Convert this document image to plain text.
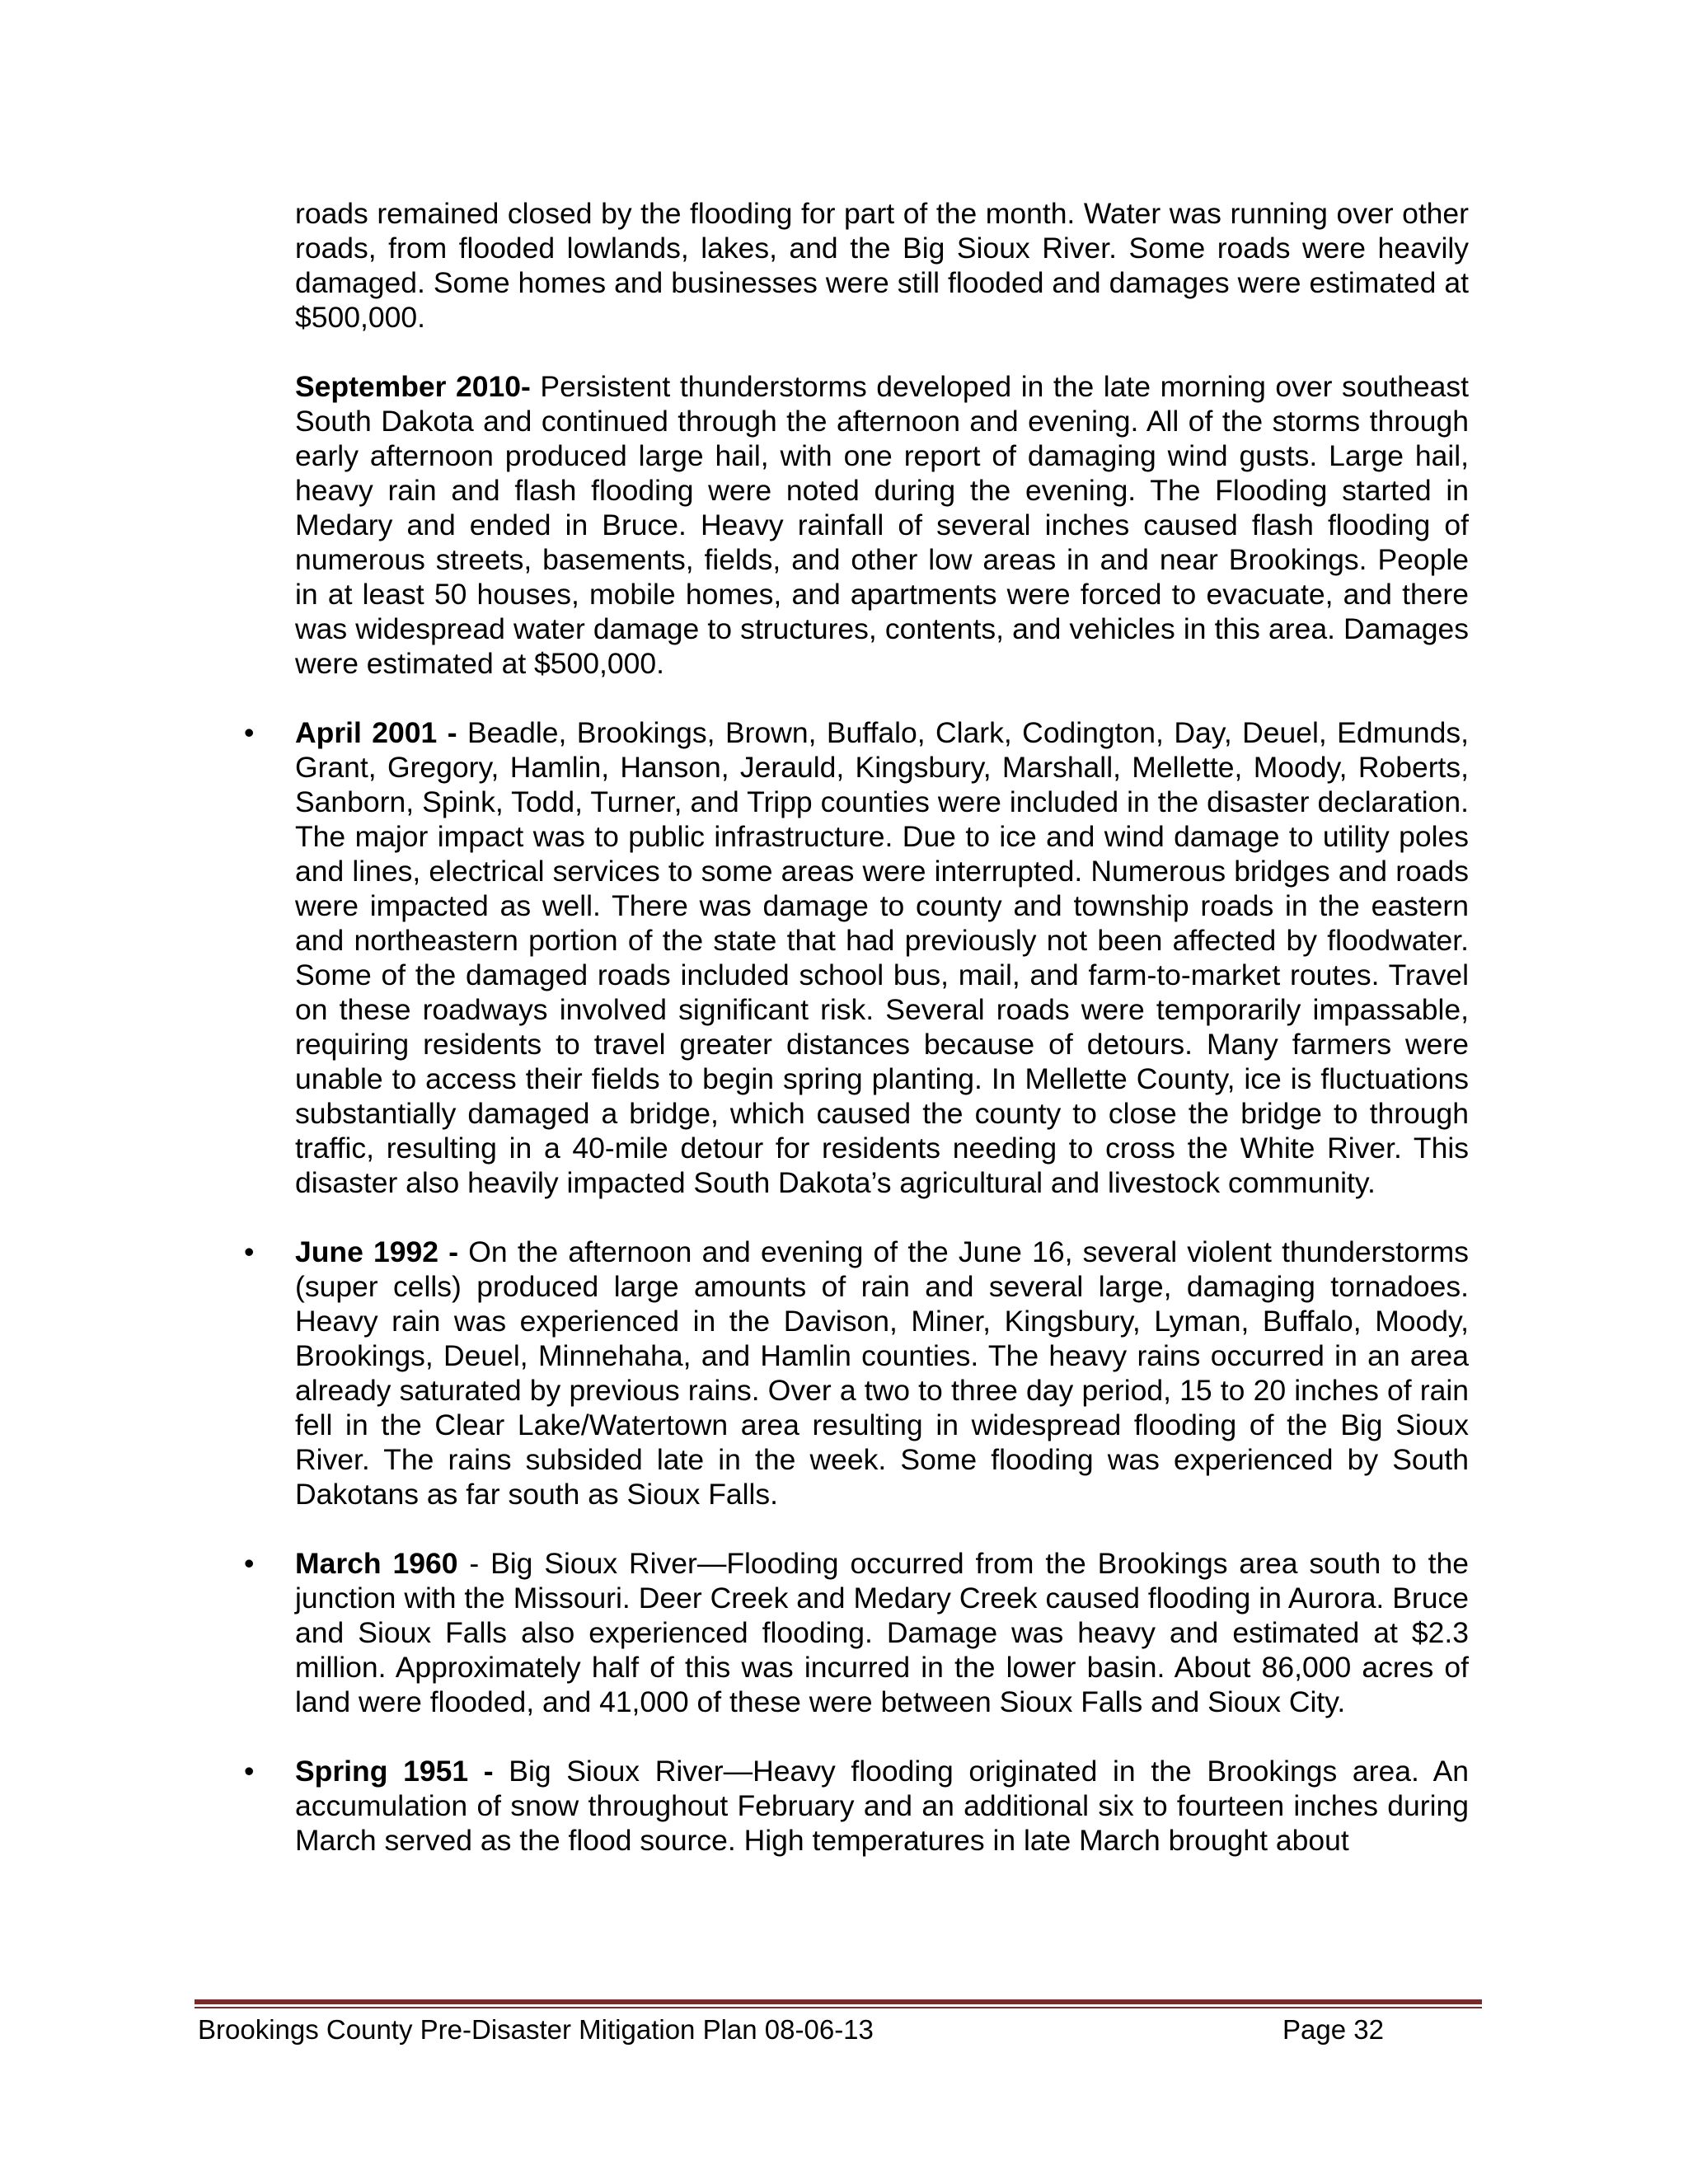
roads remained closed by the flooding for part of the month. Water was running over other roads, from flooded lowlands, lakes, and the Big Sioux River. Some roads were heavily damaged. Some homes and businesses were still flooded and damages were estimated at $500,000.

September 2010- Persistent thunderstorms developed in the late morning over southeast South Dakota and continued through the afternoon and evening. All of the storms through early afternoon produced large hail, with one report of damaging wind gusts. Large hail, heavy rain and flash flooding were noted during the evening. The Flooding started in Medary and ended in Bruce. Heavy rainfall of several inches caused flash flooding of numerous streets, basements, fields, and other low areas in and near Brookings. People in at least 50 houses, mobile homes, and apartments were forced to evacuate, and there was widespread water damage to structures, contents, and vehicles in this area. Damages were estimated at $500,000.

• April 2001 - Beadle, Brookings, Brown, Buffalo, Clark, Codington, Day, Deuel, Edmunds, Grant, Gregory, Hamlin, Hanson, Jerauld, Kingsbury, Marshall, Mellette, Moody, Roberts, Sanborn, Spink, Todd, Turner, and Tripp counties were included in the disaster declaration. The major impact was to public infrastructure. Due to ice and wind damage to utility poles and lines, electrical services to some areas were interrupted. Numerous bridges and roads were impacted as well. There was damage to county and township roads in the eastern and northeastern portion of the state that had previously not been affected by floodwater. Some of the damaged roads included school bus, mail, and farm-to-market routes. Travel on these roadways involved significant risk. Several roads were temporarily impassable, requiring residents to travel greater distances because of detours. Many farmers were unable to access their fields to begin spring planting. In Mellette County, ice is fluctuations substantially damaged a bridge, which caused the county to close the bridge to through traffic, resulting in a 40-mile detour for residents needing to cross the White River. This disaster also heavily impacted South Dakota’s agricultural and livestock community.

• June 1992 - On the afternoon and evening of the June 16, several violent thunderstorms (super cells) produced large amounts of rain and several large, damaging tornadoes. Heavy rain was experienced in the Davison, Miner, Kingsbury, Lyman, Buffalo, Moody, Brookings, Deuel, Minnehaha, and Hamlin counties. The heavy rains occurred in an area already saturated by previous rains. Over a two to three day period, 15 to 20 inches of rain fell in the Clear Lake/Watertown area resulting in widespread flooding of the Big Sioux River. The rains subsided late in the week. Some flooding was experienced by South Dakotans as far south as Sioux Falls.

• March 1960 - Big Sioux River—Flooding occurred from the Brookings area south to the junction with the Missouri. Deer Creek and Medary Creek caused flooding in Aurora. Bruce and Sioux Falls also experienced flooding. Damage was heavy and estimated at $2.3 million. Approximately half of this was incurred in the lower basin. About 86,000 acres of land were flooded, and 41,000 of these were between Sioux Falls and Sioux City.

• Spring 1951 - Big Sioux River—Heavy flooding originated in the Brookings area. An accumulation of snow throughout February and an additional six to fourteen inches during March served as the flood source. High temperatures in late March brought about

Brookings County Pre-Disaster Mitigation Plan 08-06-13	Page 32
